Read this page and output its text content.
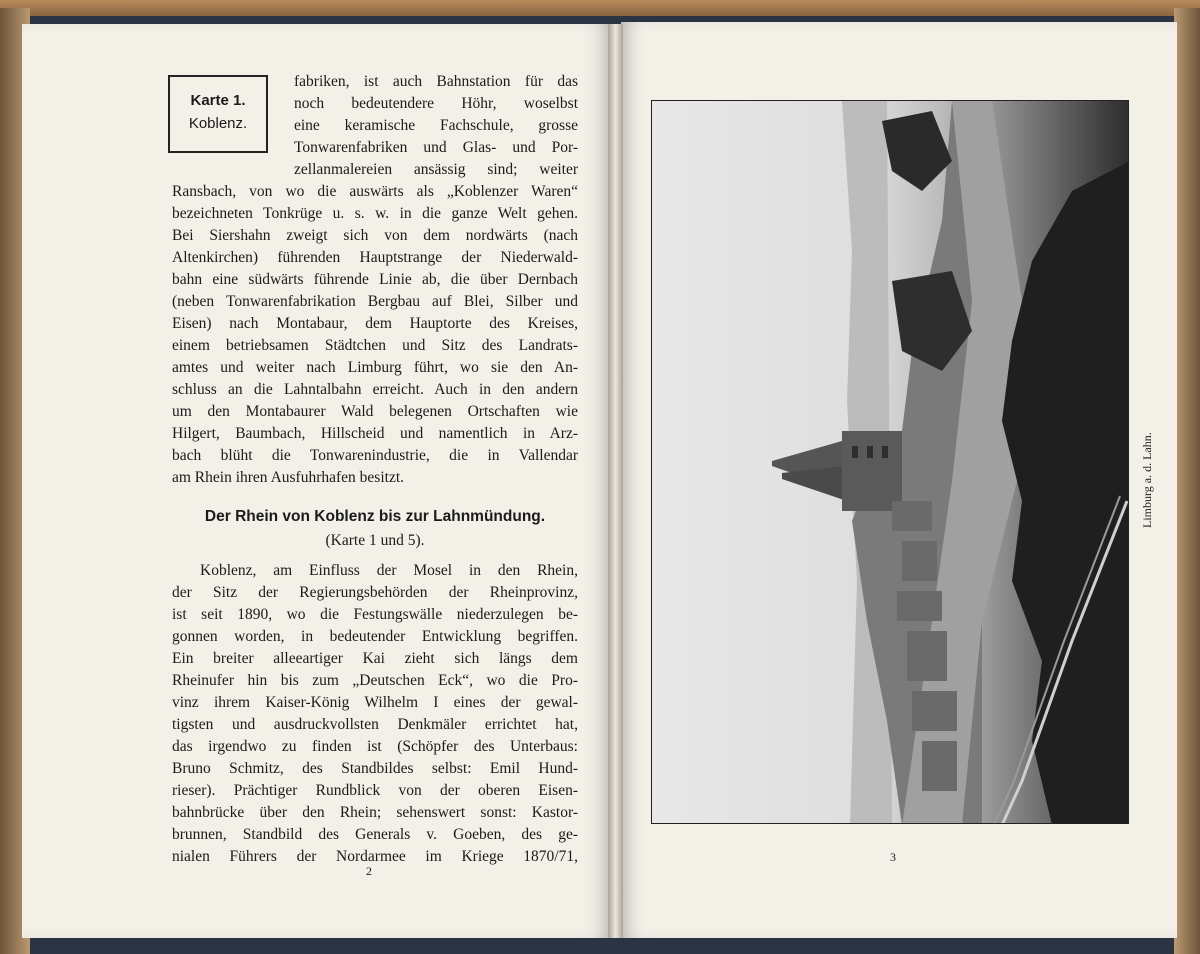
Karte 1.
Koblenz.
fabriken, ist auch Bahnstation für das
noch bedeutendere Höhr, woselbst
eine keramische Fachschule, grosse
Tonwarenfabriken und Glas- und Por-
zellanmalereien ansässig sind; weiter
Ransbach, von wo die auswärts als „Koblenzer Waren“
bezeichneten Tonkrüge u. s. w. in die ganze Welt gehen.
Bei Siershahn zweigt sich von dem nordwärts (nach
Altenkirchen) führenden Hauptstrange der Niederwald-
bahn eine südwärts führende Linie ab, die über Dernbach
(neben Tonwarenfabrikation Bergbau auf Blei, Silber und
Eisen) nach Montabaur, dem Hauptorte des Kreises,
einem betriebsamen Städtchen und Sitz des Landrats-
amtes und weiter nach Limburg führt, wo sie den An-
schluss an die Lahntalbahn erreicht. Auch in den andern
um den Montabaurer Wald belegenen Ortschaften wie
Hilgert, Baumbach, Hillscheid und namentlich in Arz-
bach blüht die Tonwarenindustrie, die in Vallendar
am Rhein ihren Ausfuhrhafen besitzt.
Der Rhein von Koblenz bis zur Lahnmündung.
(Karte 1 und 5).
Koblenz, am Einfluss der Mosel in den Rhein,
der Sitz der Regierungsbehörden der Rheinprovinz,
ist seit 1890, wo die Festungswälle niederzulegen be-
gonnen worden, in bedeutender Entwicklung begriffen.
Ein breiter alleeartiger Kai zieht sich längs dem
Rheinufer hin bis zum „Deutschen Eck“, wo die Pro-
vinz ihrem Kaiser-König Wilhelm I eines der gewal-
tigsten und ausdruckvollsten Denkmäler errichtet hat,
das irgendwo zu finden ist (Schöpfer des Unterbaus:
Bruno Schmitz, des Standbildes selbst: Emil Hund-
rieser). Prächtiger Rundblick von der oberen Eisen-
bahnbrücke über den Rhein; sehenswert sonst: Kastor-
brunnen, Standbild des Generals v. Goeben, des ge-
nialen Führers der Nordarmee im Kriege 1870/71,
2
Limburg a. d. Lahn.
3
